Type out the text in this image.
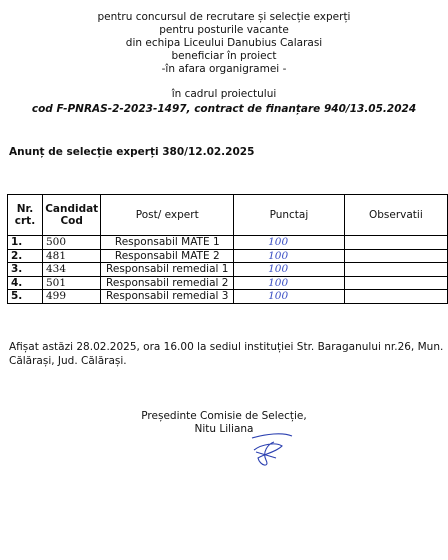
pentru concursul de recrutare și selecție experți
pentru posturile vacante
din echipa Liceului Danubius Calarasi
beneficiar în proiect
-în afara organigramei -
în cadrul proiectului
cod F-PNRAS-2-2023-1497, contract de finanțare 940/13.05.2024
Anunț de selecție experți 380/12.02.2025
Nr. crt.	Candidat Cod	Post/ expert	Punctaj	Observatii
1.	500	Responsabil MATE 1	100	
2.	481	Responsabil MATE 2	100	
3.	434	Responsabil remedial 1	100	
4.	501	Responsabil remedial 2	100	
5.	499	Responsabil remedial 3	100	
Afișat astăzi 28.02.2025, ora 16.00 la sediul instituției Str. Baraganului nr.26, Mun. Călărași, Jud. Călărași.
Președinte Comisie de Selecție,
Nitu Liliana
